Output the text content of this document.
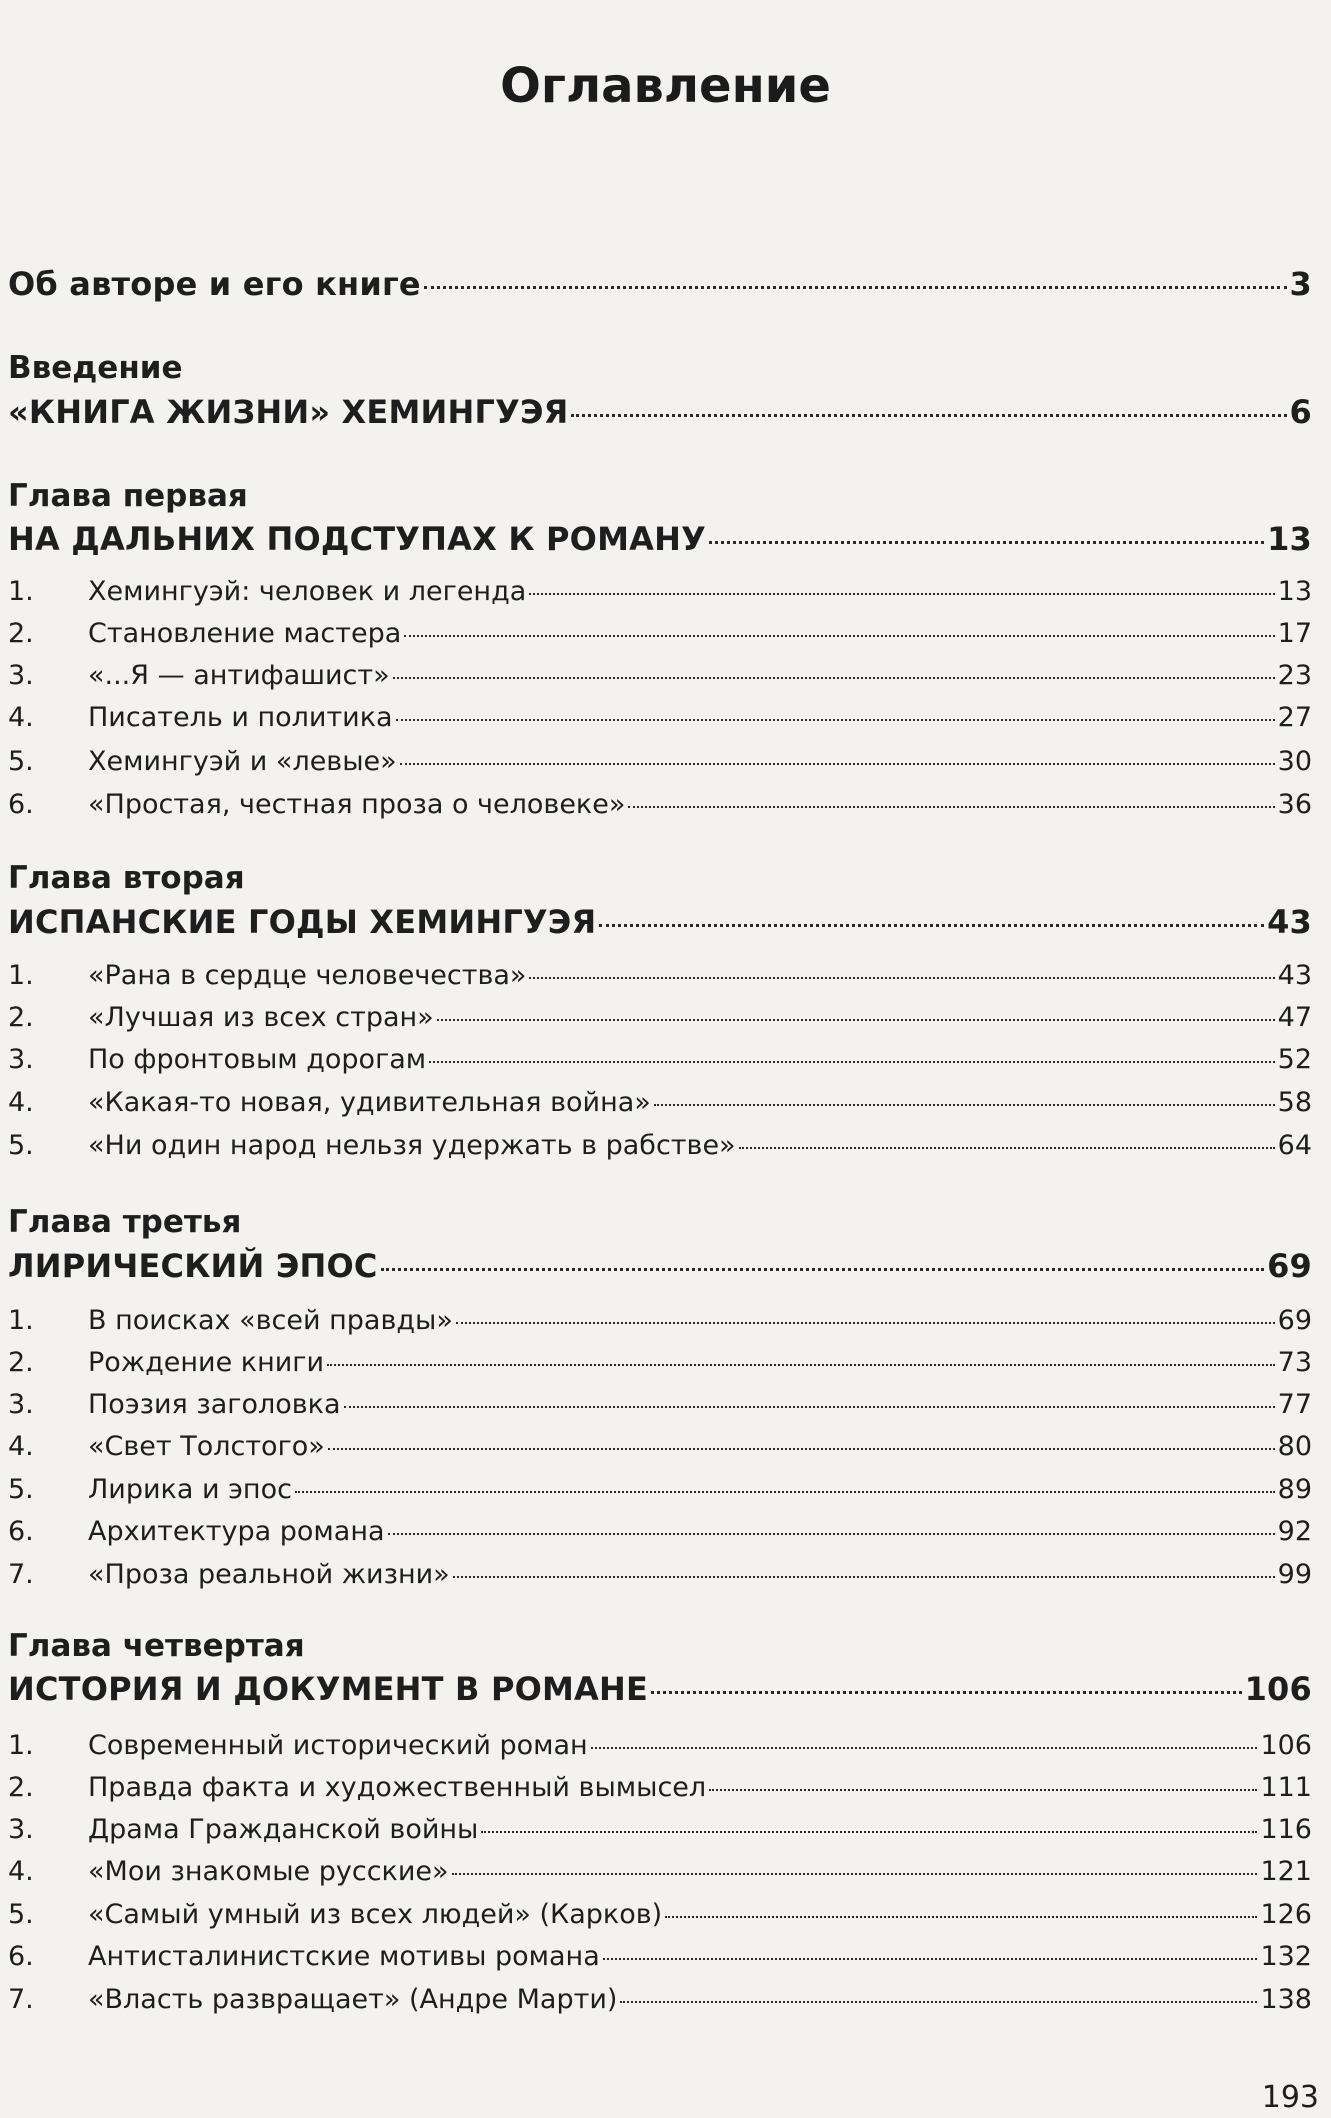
Оглавление
Об авторе и его книге	3
Введение
«КНИГА ЖИЗНИ» ХЕМИНГУЭЯ	6
Глава первая
НА ДАЛЬНИХ ПОДСТУПАХ К РОМАНУ	13
1.	Хемингуэй: человек и легенда	13
2.	Становление мастера	17
3.	«...Я — антифашист»	23
4.	Писатель и политика	27
5.	Хемингуэй и «левые»	30
6.	«Простая, честная проза о человеке»	36
Глава вторая
ИСПАНСКИЕ ГОДЫ ХЕМИНГУЭЯ	43
1.	«Рана в сердце человечества»	43
2.	«Лучшая из всех стран»	47
3.	По фронтовым дорогам	52
4.	«Какая-то новая, удивительная война»	58
5.	«Ни один народ нельзя удержать в рабстве»	64
Глава третья
ЛИРИЧЕСКИЙ ЭПОС	69
1.	В поисках «всей правды»	69
2.	Рождение книги	73
3.	Поэзия заголовка	77
4.	«Свет Толстого»	80
5.	Лирика и эпос	89
6.	Архитектура романа	92
7.	«Проза реальной жизни»	99
Глава четвертая
ИСТОРИЯ И ДОКУМЕНТ В РОМАНЕ	106
1.	Современный исторический роман	106
2.	Правда факта и художественный вымысел	111
3.	Драма Гражданской войны	116
4.	«Мои знакомые русские»	121
5.	«Самый умный из всех людей» (Карков)	126
6.	Антисталинистские мотивы романа	132
7.	«Власть развращает» (Андре Марти)	138
193
